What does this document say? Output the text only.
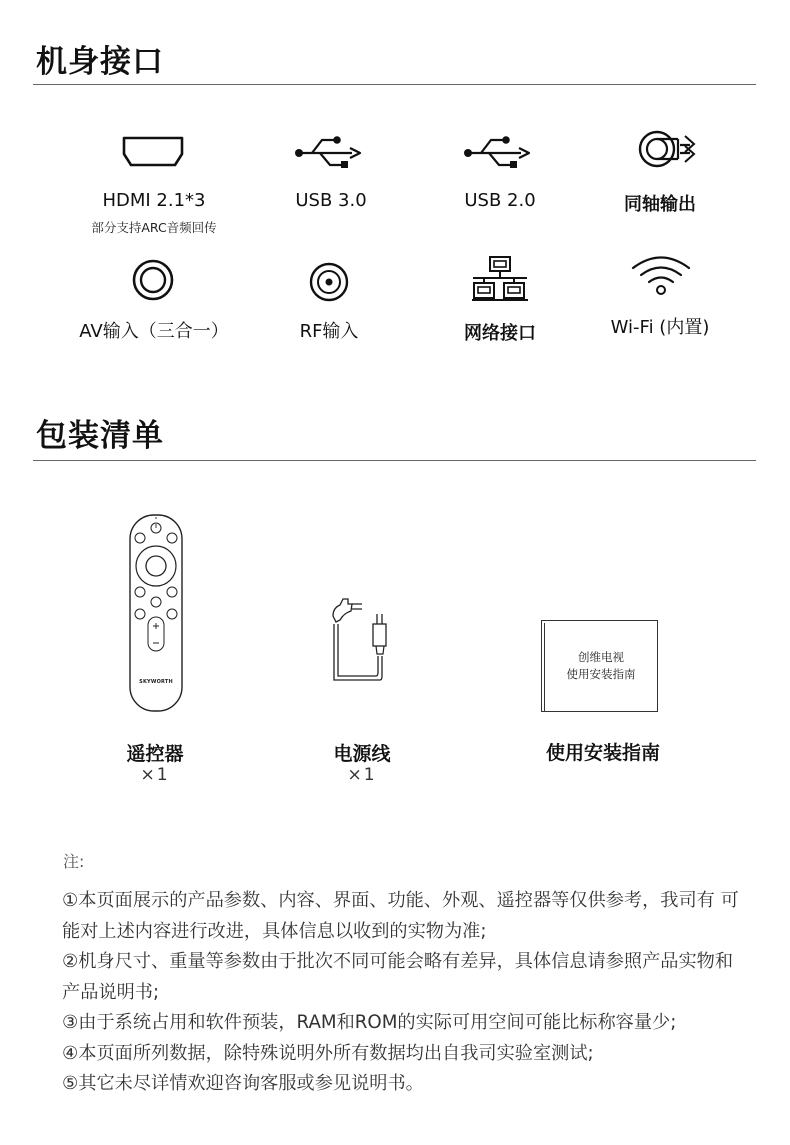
机身接口
HDMI 2.1*3
部分支持ARC音频回传
USB 3.0	USB 2.0	同轴输出
AV输入（三合一）	RF输入	网络接口	Wi-Fi (内置)
包装清单
SKYWORTH
遥控器
×1
电源线
×1
创维电视
使用安装指南
使用安装指南
注:
①本页面展示的产品参数、内容、界面、功能、外观、遥控器等仅供参考，我司有 可能对上述内容进行改进，具体信息以收到的实物为准;
②机身尺寸、重量等参数由于批次不同可能会略有差异，具体信息请参照产品实物和产品说明书;
③由于系统占用和软件预装，RAM和ROM的实际可用空间可能比标称容量少;
④本页面所列数据，除特殊说明外所有数据均出自我司实验室测试;
⑤其它未尽详情欢迎咨询客服或参见说明书。
